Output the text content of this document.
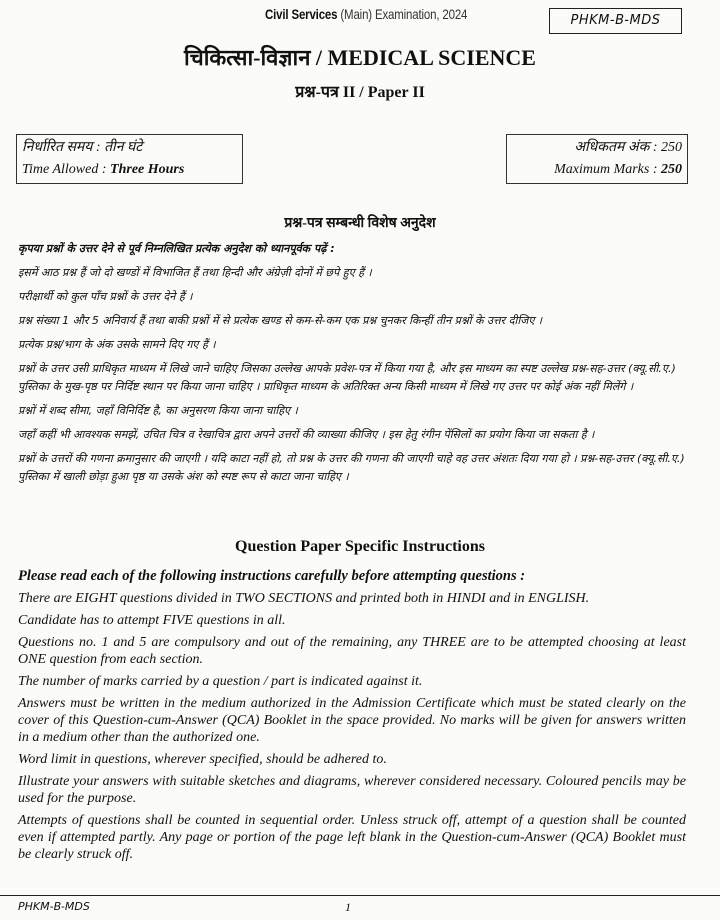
Civil Services (Main) Examination, 2024	PHKM-B-MDS
चिकित्सा-विज्ञान / MEDICAL SCIENCE
प्रश्न-पत्र II / Paper II
निर्धारित समय : तीन घंटे
Time Allowed : Three Hours
अधिकतम अंक : 250
Maximum Marks : 250
प्रश्न-पत्र सम्बन्धी विशेष अनुदेश

कृपया प्रश्नों के उत्तर देने से पूर्व निम्नलिखित प्रत्येक अनुदेश को ध्यानपूर्वक पढ़ें :

इसमें आठ प्रश्न हैं जो दो खण्डों में विभाजित हैं तथा हिन्दी और अंग्रेज़ी दोनों में छपे हुए हैं ।

परीक्षार्थी को कुल पाँच प्रश्नों के उत्तर देने हैं ।

प्रश्न संख्या 1 और 5 अनिवार्य हैं तथा बाकी प्रश्नों में से प्रत्येक खण्ड से कम-से-कम एक प्रश्न चुनकर किन्हीं तीन प्रश्नों के उत्तर दीजिए ।

प्रत्येक प्रश्न/भाग के अंक उसके सामने दिए गए हैं ।

प्रश्नों के उत्तर उसी प्राधिकृत माध्यम में लिखे जाने चाहिए जिसका उल्लेख आपके प्रवेश-पत्र में किया गया है, और इस माध्यम का स्पष्ट उल्लेख प्रश्न-सह-उत्तर (क्यू.सी.ए.) पुस्तिका के मुख-पृष्ठ पर निर्दिष्ट स्थान पर किया जाना चाहिए । प्राधिकृत माध्यम के अतिरिक्त अन्य किसी माध्यम में लिखे गए उत्तर पर कोई अंक नहीं मिलेंगे ।

प्रश्नों में शब्द सीमा, जहाँ विनिर्दिष्ट है, का अनुसरण किया जाना चाहिए ।

जहाँ कहीं भी आवश्यक समझें, उचित चित्र व रेखाचित्र द्वारा अपने उत्तरों की व्याख्या कीजिए । इस हेतु रंगीन पेंसिलों का प्रयोग किया जा सकता है ।

प्रश्नों के उत्तरों की गणना क्रमानुसार की जाएगी । यदि काटा नहीं हो, तो प्रश्न के उत्तर की गणना की जाएगी चाहे वह उत्तर अंशतः दिया गया हो । प्रश्न-सह-उत्तर (क्यू.सी.ए.) पुस्तिका में खाली छोड़ा हुआ पृष्ठ या उसके अंश को स्पष्ट रूप से काटा जाना चाहिए ।

Question Paper Specific Instructions

Please read each of the following instructions carefully before attempting questions :

There are EIGHT questions divided in TWO SECTIONS and printed both in HINDI and in ENGLISH.

Candidate has to attempt FIVE questions in all.

Questions no. 1 and 5 are compulsory and out of the remaining, any THREE are to be attempted choosing at least ONE question from each section.

The number of marks carried by a question / part is indicated against it.

Answers must be written in the medium authorized in the Admission Certificate which must be stated clearly on the cover of this Question-cum-Answer (QCA) Booklet in the space provided. No marks will be given for answers written in a medium other than the authorized one.

Word limit in questions, wherever specified, should be adhered to.

Illustrate your answers with suitable sketches and diagrams, wherever considered necessary. Coloured pencils may be used for the purpose.

Attempts of questions shall be counted in sequential order. Unless struck off, attempt of a question shall be counted even if attempted partly. Any page or portion of the page left blank in the Question-cum-Answer (QCA) Booklet must be clearly struck off.

PHKM-B-MDS	1
